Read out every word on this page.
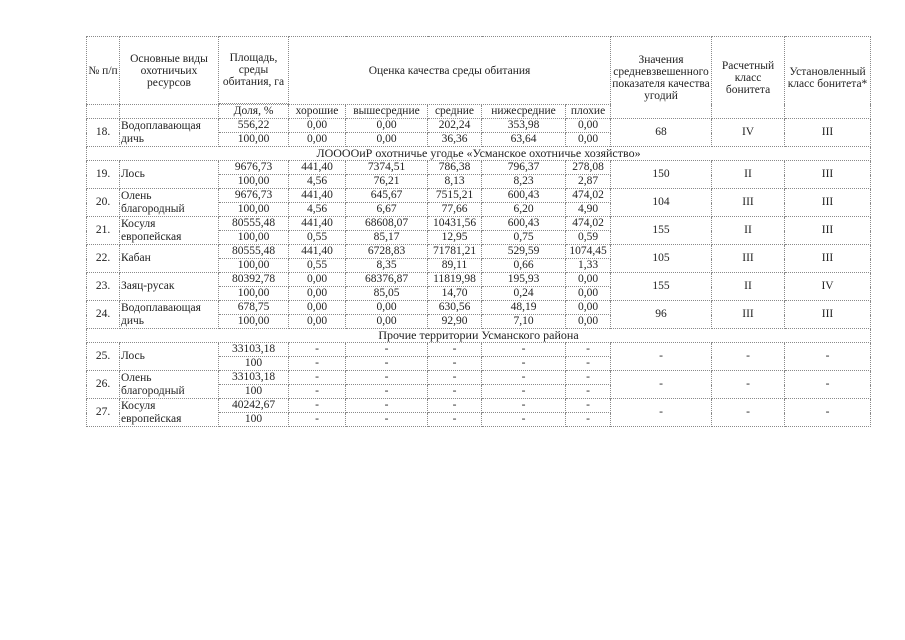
№ п/п	Основные виды охотничьих ресурсов	Площадь, среды обитания, га	Оценка качества среды обитания					Значения средневзвешенного показателя качества угодий	Расчетный класс бонитета	Установленный класс бонитета*

		Доля, %	хорошие	вышесредние	средние	нижесредние	плохие			
18.	Водоплавающая дичь	556,22	0,00	0,00	202,24	353,98	0,00	68	IV	III
		100,00	0,00	0,00	36,36	63,64	0,00			
ЛООООиР охотничье угодье «Усманское охотничье хозяйство»										
19.	Лось	9676,73	441,40	7374,51	786,38	796,37	278,08	150	II	III
		100,00	4,56	76,21	8,13	8,23	2,87			
20.	Олень благородный	9676,73	441,40	645,67	7515,21	600,43	474,02	104	III	III
		100,00	4,56	6,67	77,66	6,20	4,90			
21.	Косуля европейская	80555,48	441,40	68608,07	10431,56	600,43	474,02	155	II	III
		100,00	0,55	85,17	12,95	0,75	0,59			
22.	Кабан	80555,48	441,40	6728,83	71781,21	529,59	1074,45	105	III	III
		100,00	0,55	8,35	89,11	0,66	1,33			
23.	Заяц-русак	80392,78	0,00	68376,87	11819,98	195,93	0,00	155	II	IV
		100,00	0,00	85,05	14,70	0,24	0,00			
24.	Водоплавающая дичь	678,75	0,00	0,00	630,56	48,19	0,00	96	III	III
		100,00	0,00	0,00	92,90	7,10	0,00			
Прочие территории Усманского района										
25.	Лось	33103,18	-	-	-	-	-	-	-	-
		100	-	-	-	-	-			
26.	Олень благородный	33103,18	-	-	-	-	-	-	-	-
		100	-	-	-	-	-			
27.	Косуля европейская	40242,67	-	-	-	-	-	-	-	-
		100	-	-	-	-	-			
